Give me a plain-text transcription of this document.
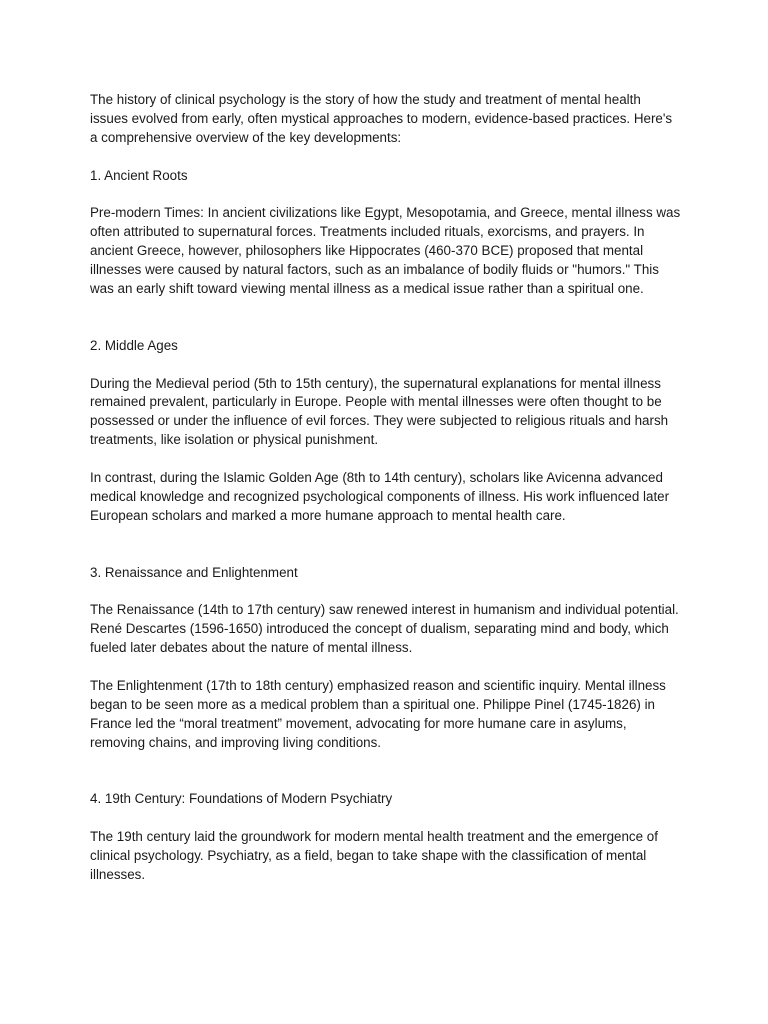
The history of clinical psychology is the story of how the study and treatment of mental health issues evolved from early, often mystical approaches to modern, evidence-based practices. Here's a comprehensive overview of the key developments:

1. Ancient Roots

Pre-modern Times: In ancient civilizations like Egypt, Mesopotamia, and Greece, mental illness was often attributed to supernatural forces. Treatments included rituals, exorcisms, and prayers. In ancient Greece, however, philosophers like Hippocrates (460-370 BCE) proposed that mental illnesses were caused by natural factors, such as an imbalance of bodily fluids or "humors." This was an early shift toward viewing mental illness as a medical issue rather than a spiritual one.

2. Middle Ages

During the Medieval period (5th to 15th century), the supernatural explanations for mental illness remained prevalent, particularly in Europe. People with mental illnesses were often thought to be possessed or under the influence of evil forces. They were subjected to religious rituals and harsh treatments, like isolation or physical punishment.

In contrast, during the Islamic Golden Age (8th to 14th century), scholars like Avicenna advanced medical knowledge and recognized psychological components of illness. His work influenced later European scholars and marked a more humane approach to mental health care.

3. Renaissance and Enlightenment

The Renaissance (14th to 17th century) saw renewed interest in humanism and individual potential. René Descartes (1596-1650) introduced the concept of dualism, separating mind and body, which fueled later debates about the nature of mental illness.

The Enlightenment (17th to 18th century) emphasized reason and scientific inquiry. Mental illness began to be seen more as a medical problem than a spiritual one. Philippe Pinel (1745-1826) in France led the “moral treatment” movement, advocating for more humane care in asylums, removing chains, and improving living conditions.

4. 19th Century: Foundations of Modern Psychiatry

The 19th century laid the groundwork for modern mental health treatment and the emergence of clinical psychology. Psychiatry, as a field, began to take shape with the classification of mental illnesses.
